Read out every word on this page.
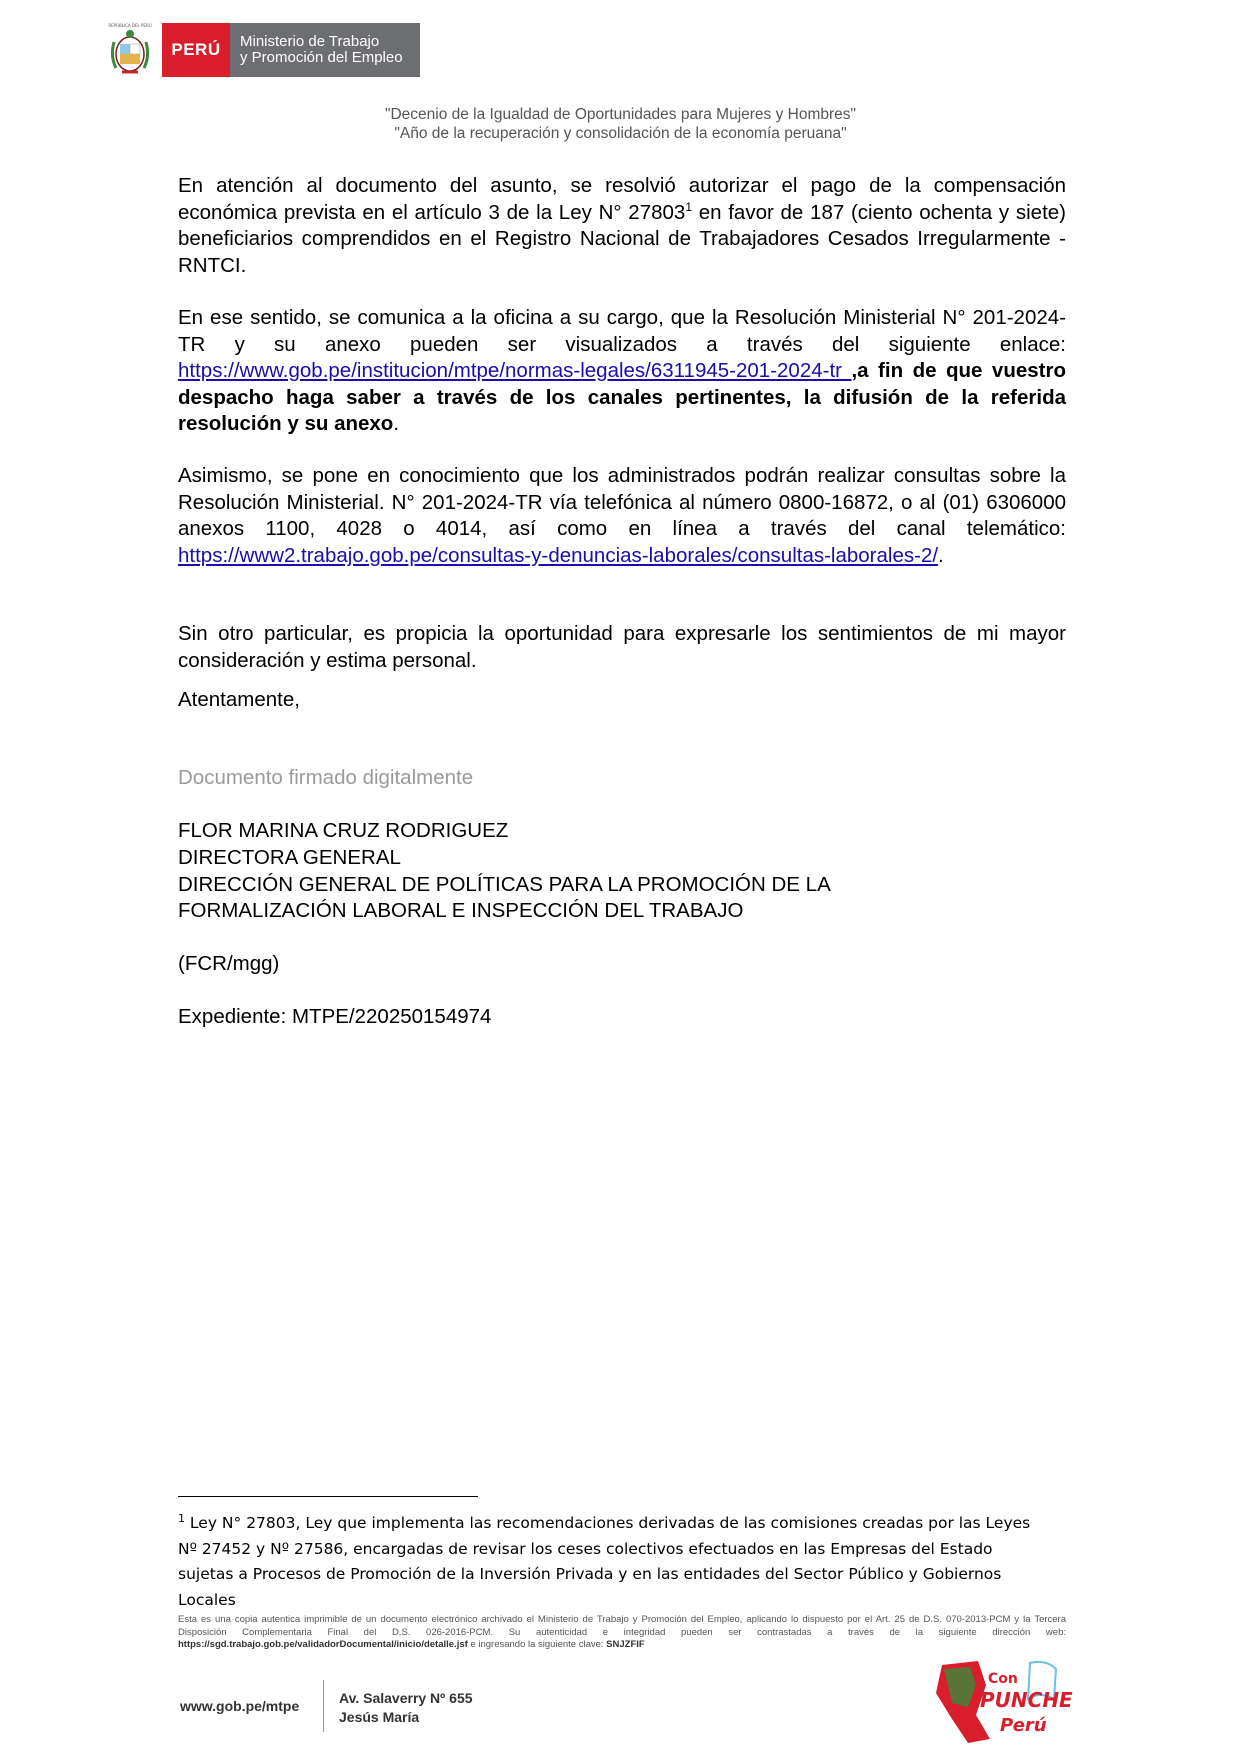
REPÚBLICA DEL PERÚ
PERÚ	Ministerio de Trabajo
y Promoción del Empleo
"Decenio de la Igualdad de Oportunidades para Mujeres y Hombres"
"Año de la recuperación y consolidación de la economía peruana"
En atención al documento del asunto, se resolvió autorizar el pago de la compensación económica prevista en el artículo 3 de la Ley N° 27803$^1$ en favor de 187 (ciento ochenta y siete) beneficiarios comprendidos en el Registro Nacional de Trabajadores Cesados Irregularmente - RNTCI.
En ese sentido, se comunica a la oficina a su cargo, que la Resolución Ministerial N° 201-2024-TR y su anexo pueden ser visualizados a través del siguiente enlace: https://www.gob.pe/institucion/mtpe/normas-legales/6311945-201-2024-tr ,a fin de que vuestro despacho haga saber a través de los canales pertinentes, la difusión de la referida resolución y su anexo.
Asimismo, se pone en conocimiento que los administrados podrán realizar consultas sobre la Resolución Ministerial. N° 201-2024-TR vía telefónica al número 0800-16872, o al (01) 6306000 anexos 1100, 4028 o 4014, así como en línea a través del canal telemático: https://www2.trabajo.gob.pe/consultas-y-denuncias-laborales/consultas-laborales-2/.
Sin otro particular, es propicia la oportunidad para expresarle los sentimientos de mi mayor consideración y estima personal.
Atentamente,
Documento firmado digitalmente
FLOR MARINA CRUZ RODRIGUEZ
DIRECTORA GENERAL
DIRECCIÓN GENERAL DE POLÍTICAS PARA LA PROMOCIÓN DE LA
FORMALIZACIÓN LABORAL E INSPECCIÓN DEL TRABAJO
(FCR/mgg)
Expediente: MTPE/220250154974
$^1$ Ley N° 27803, Ley que implementa las recomendaciones derivadas de las comisiones creadas por las Leyes Nº 27452 y Nº 27586, encargadas de revisar los ceses colectivos efectuados en las Empresas del Estado sujetas a Procesos de Promoción de la Inversión Privada y en las entidades del Sector Público y Gobiernos Locales
Esta es una copia autentica imprimible de un documento electrónico archivado el Ministerio de Trabajo y Promoción del Empleo, aplicando lo dispuesto por el Art. 25 de D.S. 070-2013-PCM y la Tercera Disposición Complementaria Final del D.S. 026-2016-PCM. Su autenticidad e integridad pueden ser contrastadas a través de la siguiente dirección web: https://sgd.trabajo.gob.pe/validadorDocumental/inicio/detalle.jsf e ingresando la siguiente clave: SNJZFIF
www.gob.pe/mtpe	Av. Salaverry Nº 655
Jesús María
Con
PUNCHE
Perú
